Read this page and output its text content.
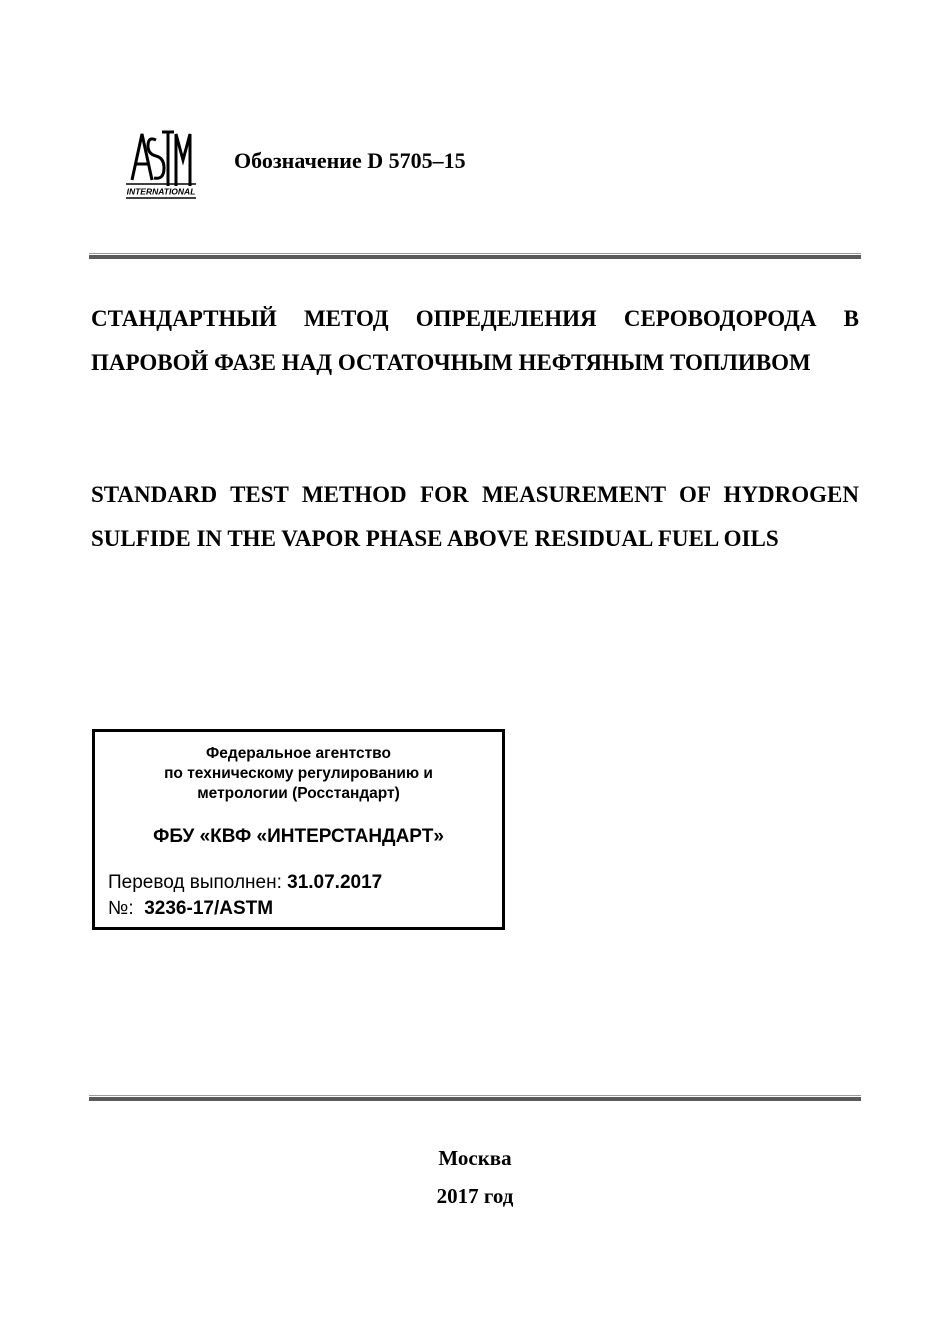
INTERNATIONAL
Обозначение D 5705–15
СТАНДАРТНЫЙ МЕТОД ОПРЕДЕЛЕНИЯ СЕРОВОДОРОДА В ПАРОВОЙ ФАЗЕ НАД ОСТАТОЧНЫМ НЕФТЯНЫМ ТОПЛИВОМ
STANDARD TEST METHOD FOR MEASUREMENT OF HYDROGEN SULFIDE IN THE VAPOR PHASE ABOVE RESIDUAL FUEL OILS
Федеральное агентство
по техническому регулированию и
метрологии (Росстандарт)
ФБУ «КВФ «ИНТЕРСТАНДАРТ»
Перевод выполнен: 31.07.2017
№: 3236-17/ASTM
Москва
2017 год
